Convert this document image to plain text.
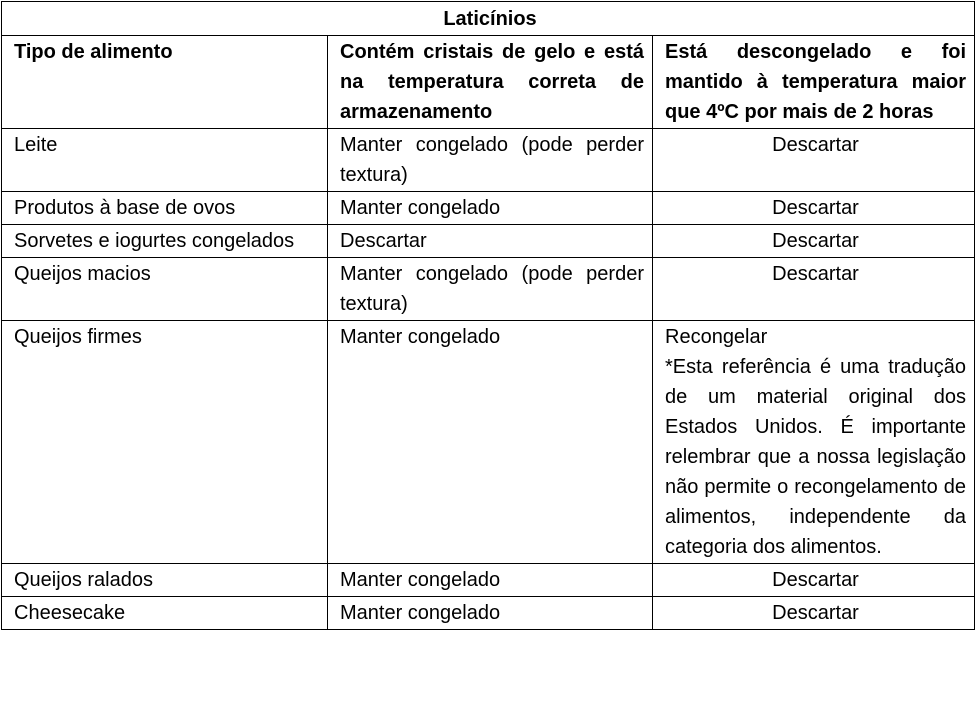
Laticínios		
Tipo de alimento	Contém cristais de gelo e está na temperatura correta de armazenamento	Está descongelado e foi mantido à temperatura maior que 4ºC por mais de 2 horas
Leite	Manter congelado (pode perder textura)	Descartar
Produtos à base de ovos	Manter congelado	Descartar
Sorvetes e iogurtes congelados	Descartar	Descartar
Queijos macios	Manter congelado (pode perder textura)	Descartar
Queijos firmes	Manter congelado	Recongelar
*Esta referência é uma tradução de um material original dos Estados Unidos. É importante relembrar que a nossa legislação não permite o recongelamento de alimentos, independente da categoria dos alimentos.

Queijos ralados	Manter congelado	Descartar
Cheesecake	Manter congelado	Descartar
